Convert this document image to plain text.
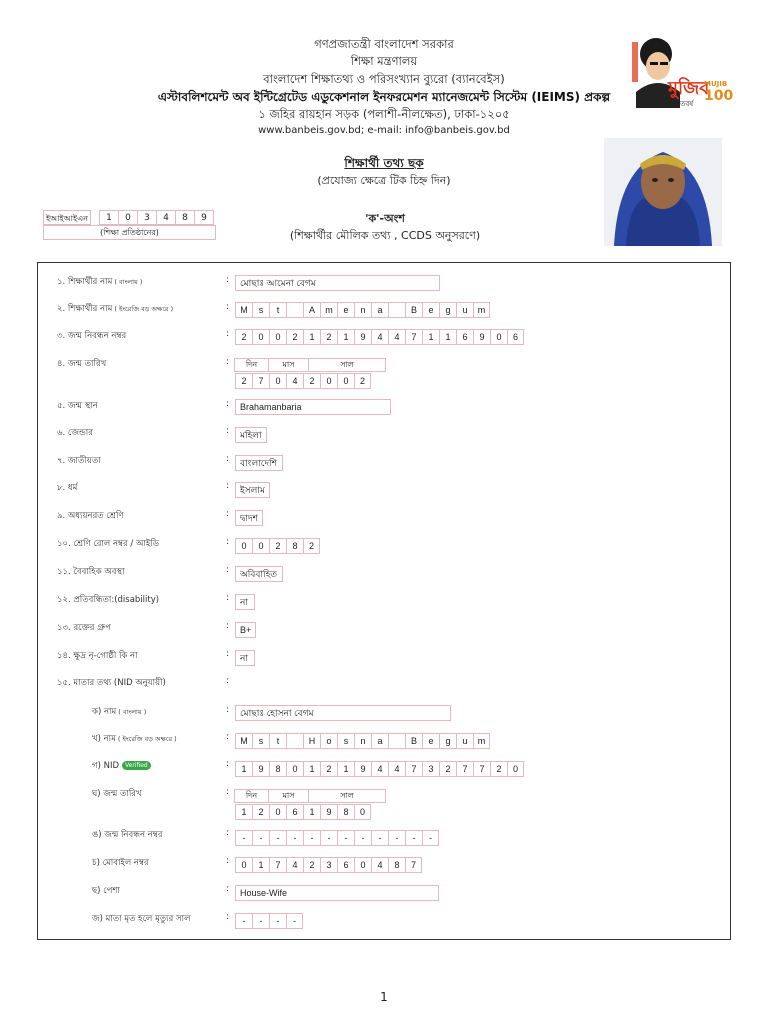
গণপ্রজাতন্ত্রী বাংলাদেশ সরকার
শিক্ষা মন্ত্রণালয়
বাংলাদেশ শিক্ষাতথ্য ও পরিসংখ্যান ব্যুরো (ব্যানবেইস)
এস্টাবলিশমেন্ট অব ইন্টিগ্রেটেড এডুকেশনাল ইনফরমেশন ম্যানেজমেন্ট সিস্টেম (IEIMS) প্রকল্প
১ জহির রায়হান সড়ক (পলাশী-নীলক্ষেত), ঢাকা-১২০৫
www.banbeis.gov.bd; e-mail: info@banbeis.gov.bd
মুজিব
MUJIB
100
শতবর্ষ
শিক্ষার্থী তথ্য ছক
(প্রযোজ্য ক্ষেত্রে টিক চিহ্ন দিন)
ইআইআইএন	1	0	3	4	8	9
(শিক্ষা প্রতিষ্ঠানের)
'ক'-অংশ
(শিক্ষার্থীর মৌলিক তথ্য , CCDS অনুসরণে)
১. শিক্ষার্থীর নাম ( বাংলায় )	:	মোছাঃ আমেনা বেগম
২. শিক্ষার্থীর নাম ( ইংরেজি বড় অক্ষরে )	:	M	s	t	A	m	e	n	a	B	e	g	u	m
৩. জন্ম নিবন্ধন নম্বর	:	2	0	0	2	1	2	1	9	4	4	7	1	1	6	9	0	6
৪. জন্ম তারিখ	:	দিন	মাস	সাল
2	7	0	4	2	0	0	2
৫. জন্ম স্থান	:	Brahamanbaria
৬. জেন্ডার	:	মহিলা
৭. জাতীয়তা	:	বাংলাদেশি
৮. ধর্ম	:	ইসলাম
৯. অধ্যয়নরত শ্রেণি	:	দ্বাদশ
১০. শ্রেণি রোল নম্বর / আইডি	:	0	0	2	8	2
১১. বৈবাহিক অবস্থা	:	অবিবাহিত
১২. প্রতিবন্ধিতা:(disability)	:	না
১৩. রক্তের গ্রুপ	:	B+
১৪. ক্ষুদ্র নৃ-গোষ্ঠী কি না	:	না
১৫. মাতার তথ্য (NID অনুযায়ী)	:
ক) নাম ( বাংলায় )	:	মোছাঃ হোসনা বেগম
খ) নাম ( ইংরেজি বড় অক্ষরে )	:	M	s	t	H	o	s	n	a	B	e	g	u	m
গ) NID Verified	:	1	9	8	0	1	2	1	9	4	4	7	3	2	7	7	2	0
ঘ) জন্ম তারিখ	:	দিন	মাস	সাল
1	2	0	6	1	9	8	0
ঙ) জন্ম নিবন্ধন নম্বর	:	-	-	-	-	-	-	-	-	-	-	-	-
চ) মোবাইল নম্বর	:	0	1	7	4	2	3	6	0	4	8	7
ছ) পেশা	:	House-Wife
জ) মাতা মৃত হলে মৃত্যুর সাল	:	-	-	-	-
1
